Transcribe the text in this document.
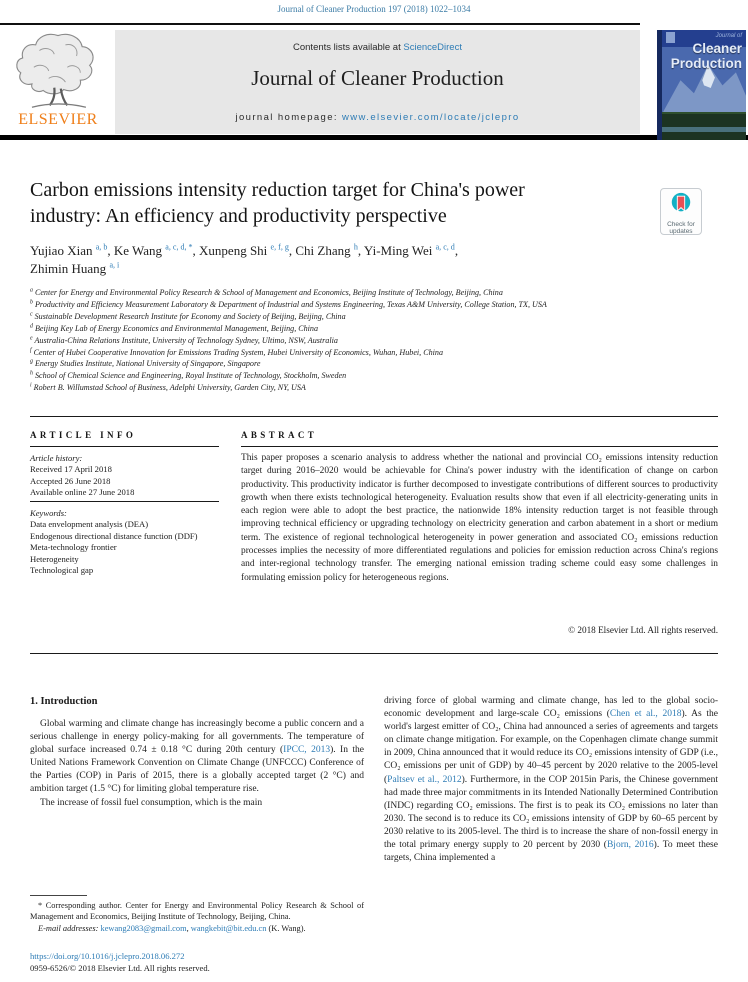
Journal of Cleaner Production 197 (2018) 1022–1034
ELSEVIER
Contents lists available at ScienceDirect
Journal of Cleaner Production
journal homepage: www.elsevier.com/locate/jclepro
Journal of
Cleaner
Production
Carbon emissions intensity reduction target for China's power
industry: An efficiency and productivity perspective	Check for updates
Yujiao Xian $^{a, b}$, Ke Wang $^{a, c, d, *}$, Xunpeng Shi $^{e, f, g}$, Chi Zhang $^h$, Yi-Ming Wei $^{a, c, d}$,
Zhimin Huang $^{a, i}$
$^a$ Center for Energy and Environmental Policy Research & School of Management and Economics, Beijing Institute of Technology, Beijing, China
$^b$ Productivity and Efficiency Measurement Laboratory & Department of Industrial and Systems Engineering, Texas A&M University, College Station, TX, USA
$^c$ Sustainable Development Research Institute for Economy and Society of Beijing, Beijing, China
$^d$ Beijing Key Lab of Energy Economics and Environmental Management, Beijing, China
$^e$ Australia-China Relations Institute, University of Technology Sydney, Ultimo, NSW, Australia
$^f$ Center of Hubei Cooperative Innovation for Emissions Trading System, Hubei University of Economics, Wuhan, Hubei, China
$^g$ Energy Studies Institute, National University of Singapore, Singapore
$^h$ School of Chemical Science and Engineering, Royal Institute of Technology, Stockholm, Sweden
$^i$ Robert B. Willumstad School of Business, Adelphi University, Garden City, NY, USA
ARTICLE INFO
Article history:
Received 17 April 2018
Accepted 26 June 2018
Available online 27 June 2018
Keywords:
Data envelopment analysis (DEA)
Endogenous directional distance function (DDF)
Meta-technology frontier
Heterogeneity
Technological gap
ABSTRACT
This paper proposes a scenario analysis to address whether the national and provincial CO₂ emissions intensity reduction target during 2016–2020 would be achievable for China's power industry with the identification of change on carbon productivity. This productivity indicator is further decomposed to investigate contributions of different sources to productivity growth when there exists technological heterogeneity. Evaluation results show that even if all electricity-generating units in each region were able to adopt the best practice, the nationwide 18% intensity reduction target is not feasible through improving technical efficiency or upgrading technology on electricity generation and carbon abatement in a short or medium term. The existence of regional technological heterogeneity in power generation and associated CO₂ emissions reduction processes implies the necessity of more differentiated regulations and policies for emission reduction across China's regions and inter-regional technology transfer. The emerging national emission trading scheme could easy some challenges in formulating emission policy for heterogeneous regions.
© 2018 Elsevier Ltd. All rights reserved.
1. Introduction

Global warming and climate change has increasingly become a public concern and a serious challenge in energy policy-making for all governments. The temperature of global surface increased 0.74 ± 0.18 °C during 20th century (IPCC, 2013). In the United Nations Framework Convention on Climate Change (UNFCCC) Conference of the Parties (COP) in Paris of 2015, there is a globally accepted target (2 °C) and ambition target (1.5 °C) for limiting global temperature rise.

The increase of fossil fuel consumption, which is the main

driving force of global warming and climate change, has led to the global socio-economic development and large-scale CO₂ emissions (Chen et al., 2018). As the world's largest emitter of CO₂, China had announced a series of agreements and targets on climate change mitigation. For example, on the Copenhagen climate change summit in 2009, China announced that it would reduce its CO₂ emissions intensity of GDP (i.e., CO₂ emissions per unit of GDP) by 40–45 percent by 2020 relative to the 2005-level (Paltsev et al., 2012). Furthermore, in the COP 2015in Paris, the Chinese government had made three major commitments in its Intended Nationally Determined Contribution (INDC) regarding CO₂ emissions. The first is to peak its CO₂ emissions no later than 2030. The second is to reduce its CO₂ emissions intensity of GDP by 60–65 percent by 2030 relative to its 2005-level. The third is to increase the share of non-fossil energy in the total primary energy supply to 20 percent by 2030 (Bjorn, 2016). To meet these targets, China implemented a

* Corresponding author. Center for Energy and Environmental Policy Research & School of Management and Economics, Beijing Institute of Technology, Beijing, China.

E-mail addresses: kewang2083@gmail.com, wangkebit@bit.edu.cn (K. Wang).

https://doi.org/10.1016/j.jclepro.2018.06.272
0959-6526/© 2018 Elsevier Ltd. All rights reserved.
